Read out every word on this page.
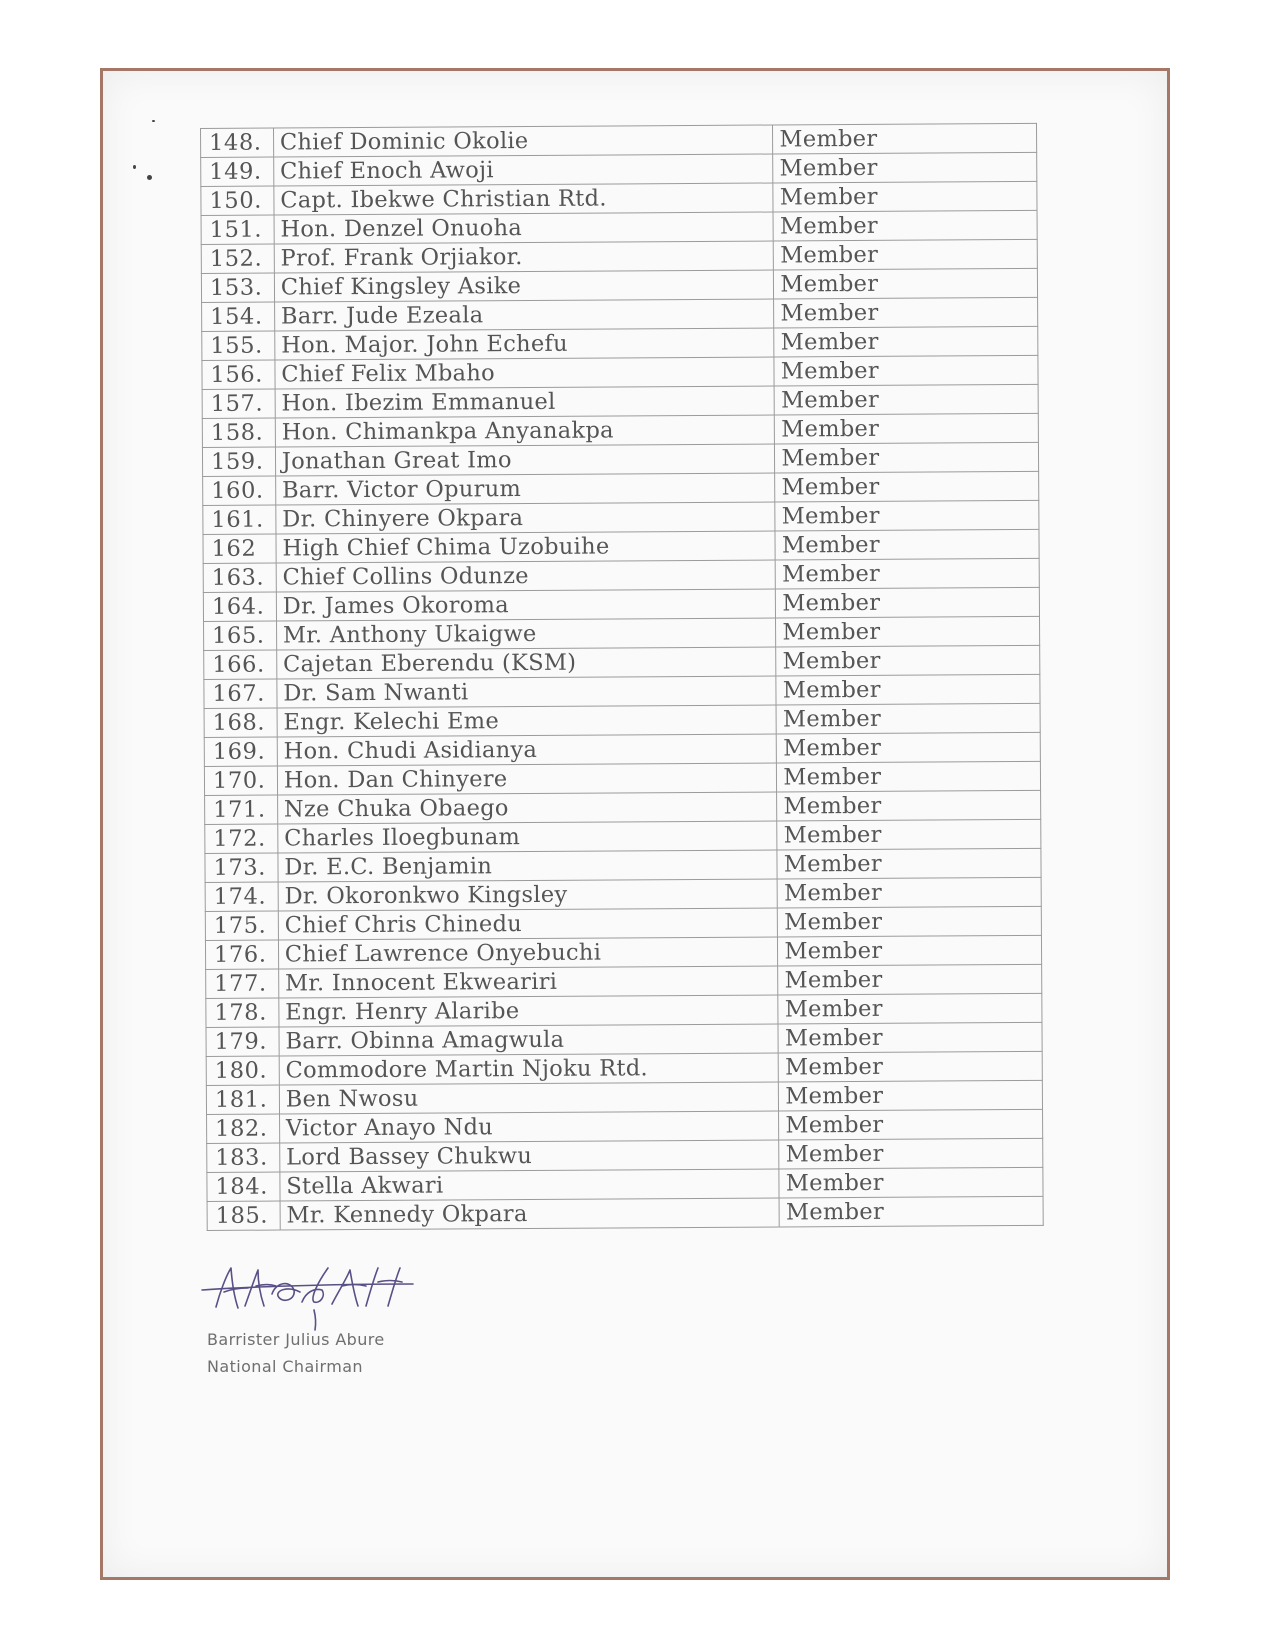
148.	Chief Dominic Okolie	Member
149.	Chief Enoch Awoji	Member
150.	Capt. Ibekwe Christian Rtd.	Member
151.	Hon. Denzel Onuoha	Member
152.	Prof. Frank Orjiakor.	Member
153.	Chief Kingsley Asike	Member
154.	Barr. Jude Ezeala	Member
155.	Hon. Major. John Echefu	Member
156.	Chief Felix Mbaho	Member
157.	Hon. Ibezim Emmanuel	Member
158.	Hon. Chimankpa Anyanakpa	Member
159.	Jonathan Great Imo	Member
160.	Barr. Victor Opurum	Member
161.	Dr. Chinyere Okpara	Member
162	High Chief Chima Uzobuihe	Member
163.	Chief Collins Odunze	Member
164.	Dr. James Okoroma	Member
165.	Mr. Anthony Ukaigwe	Member
166.	Cajetan Eberendu (KSM)	Member
167.	Dr. Sam Nwanti	Member
168.	Engr. Kelechi Eme	Member
169.	Hon. Chudi Asidianya	Member
170.	Hon. Dan Chinyere	Member
171.	Nze Chuka Obaego	Member
172.	Charles Iloegbunam	Member
173.	Dr. E.C. Benjamin	Member
174.	Dr. Okoronkwo Kingsley	Member
175.	Chief Chris Chinedu	Member
176.	Chief Lawrence Onyebuchi	Member
177.	Mr. Innocent Ekweariri	Member
178.	Engr. Henry Alaribe	Member
179.	Barr. Obinna Amagwula	Member
180.	Commodore Martin Njoku Rtd.	Member
181.	Ben Nwosu	Member
182.	Victor Anayo Ndu	Member
183.	Lord Bassey Chukwu	Member
184.	Stella Akwari	Member
185.	Mr. Kennedy Okpara	Member
Barrister Julius Abure
National Chairman
